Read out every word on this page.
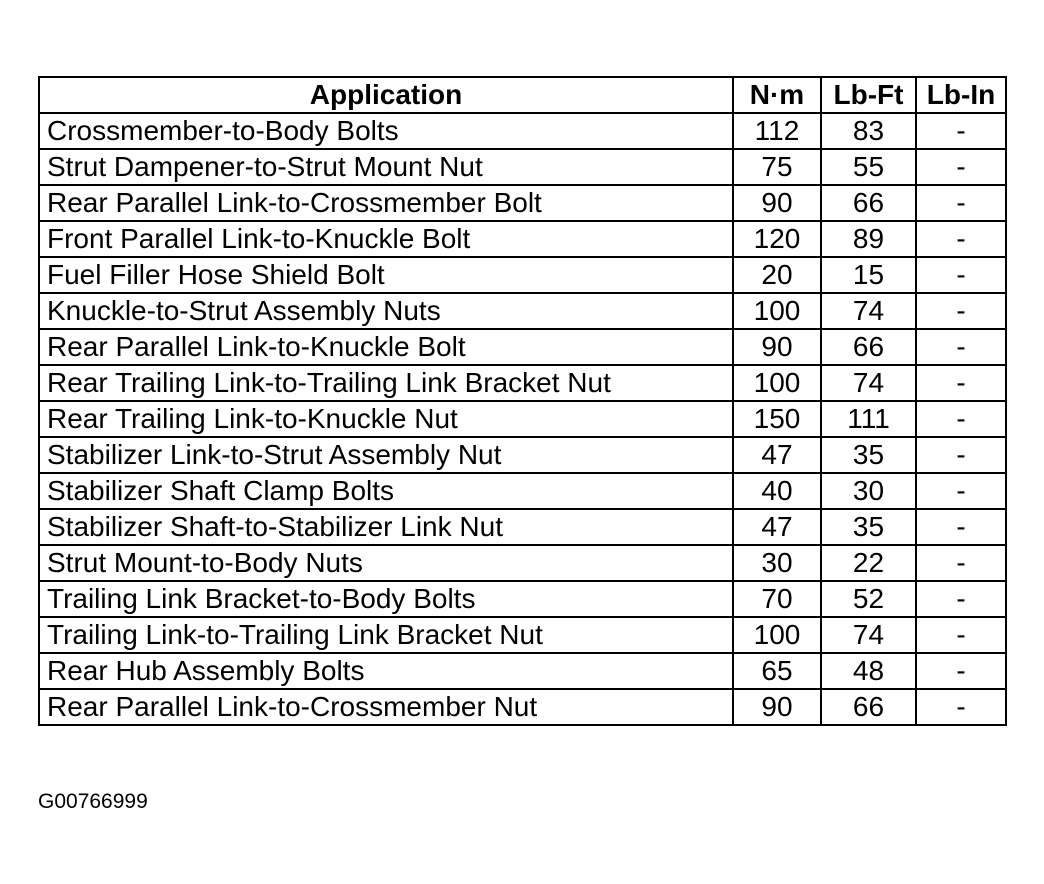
Application	N·m	Lb-Ft	Lb-In
Crossmember-to-Body Bolts	112	83	-
Strut Dampener-to-Strut Mount Nut	75	55	-
Rear Parallel Link-to-Crossmember Bolt	90	66	-
Front Parallel Link-to-Knuckle Bolt	120	89	-
Fuel Filler Hose Shield Bolt	20	15	-
Knuckle-to-Strut Assembly Nuts	100	74	-
Rear Parallel Link-to-Knuckle Bolt	90	66	-
Rear Trailing Link-to-Trailing Link Bracket Nut	100	74	-
Rear Trailing Link-to-Knuckle Nut	150	111	-
Stabilizer Link-to-Strut Assembly Nut	47	35	-
Stabilizer Shaft Clamp Bolts	40	30	-
Stabilizer Shaft-to-Stabilizer Link Nut	47	35	-
Strut Mount-to-Body Nuts	30	22	-
Trailing Link Bracket-to-Body Bolts	70	52	-
Trailing Link-to-Trailing Link Bracket Nut	100	74	-
Rear Hub Assembly Bolts	65	48	-
Rear Parallel Link-to-Crossmember Nut	90	66	-
G00766999
